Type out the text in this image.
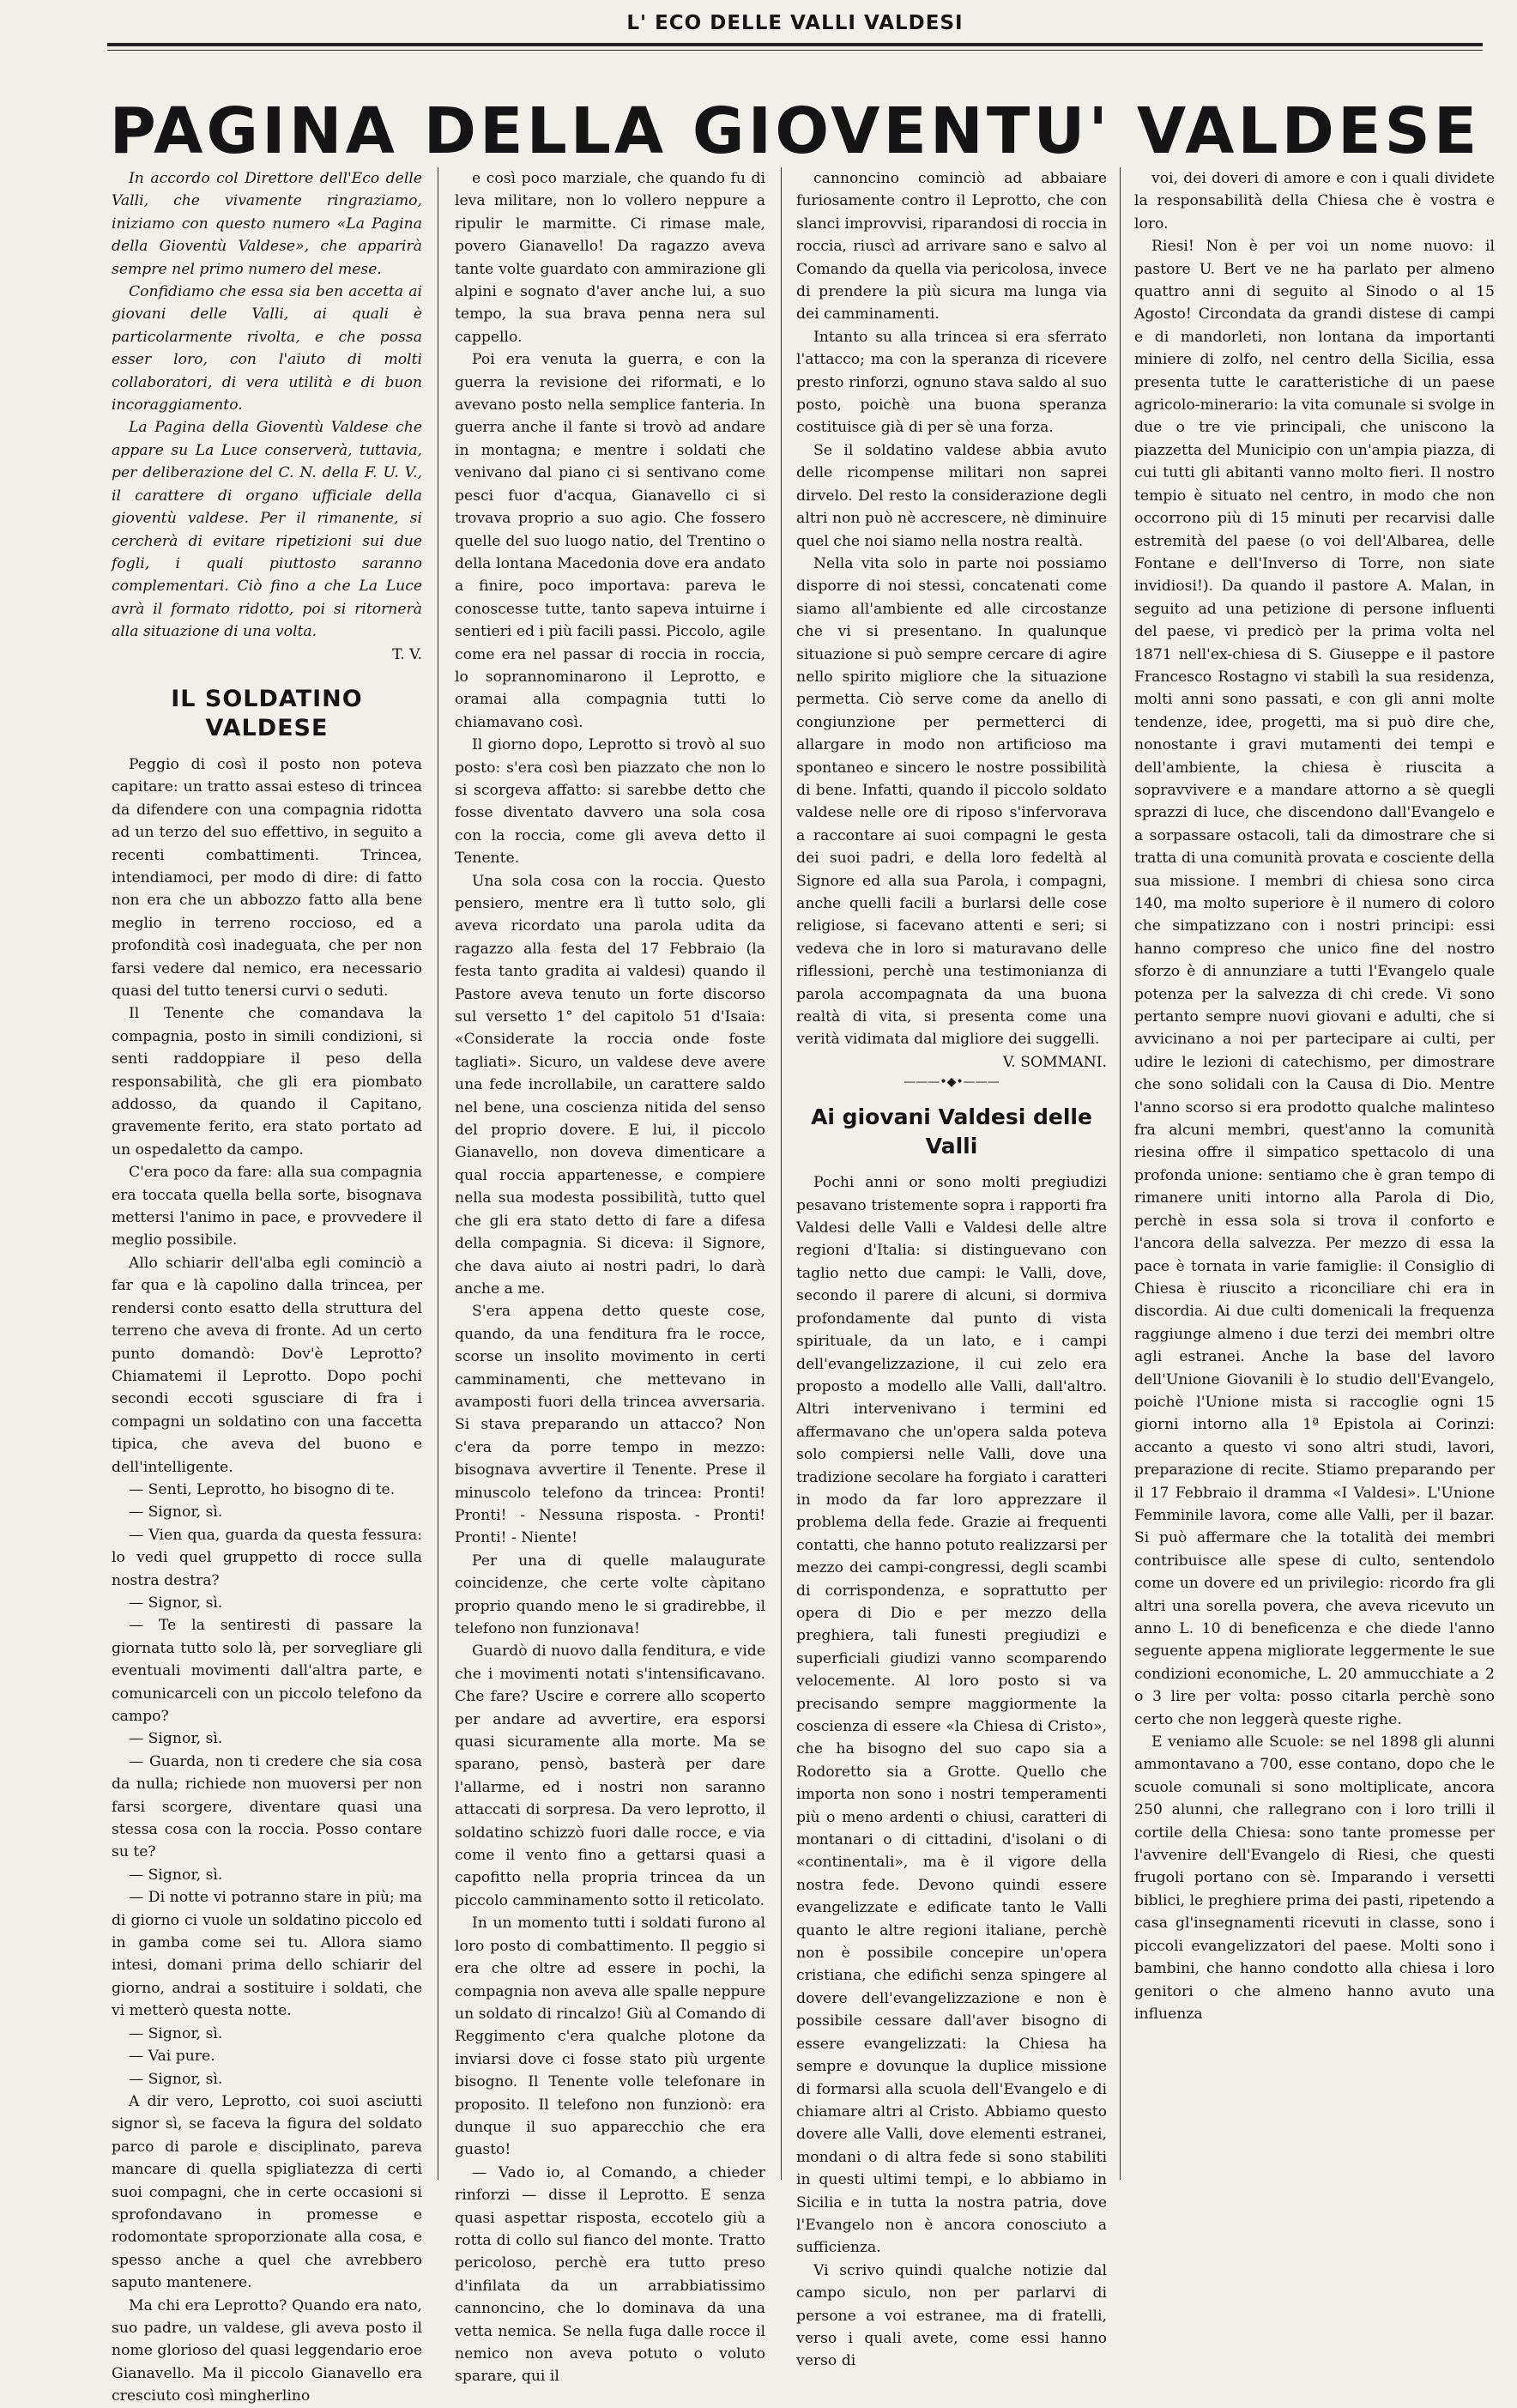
L' ECO DELLE VALLI VALDESI
PAGINA DELLA GIOVENTU' VALDESE

In accordo col Direttore dell'Eco delle Valli, che vivamente ringraziamo, iniziamo con questo numero «La Pagina della Gioventù Valdese», che apparirà sempre nel primo numero del mese.

Confidiamo che essa sia ben accetta ai giovani delle Valli, ai quali è particolarmente rivolta, e che possa esser loro, con l'aiuto di molti collaboratori, di vera utilità e di buon incoraggiamento.

La Pagina della Gioventù Valdese che appare su La Luce conserverà, tuttavia, per deliberazione del C. N. della F. U. V., il carattere di organo ufficiale della gioventù valdese. Per il rimanente, si cercherà di evitare ripetizioni sui due fogli, i quali piuttosto saranno complementari. Ciò fino a che La Luce avrà il formato ridotto, poi si ritornerà alla situazione di una volta.

T. V.

IL SOLDATINO VALDESE

Peggio di così il posto non poteva capitare: un tratto assai esteso di trincea da difendere con una compagnia ridotta ad un terzo del suo effettivo, in seguito a recenti combattimenti. Trincea, intendiamoci, per modo di dire: di fatto non era che un abbozzo fatto alla bene meglio in terreno roccioso, ed a profondità così inadeguata, che per non farsi vedere dal nemico, era necessario quasi del tutto tenersi curvi o seduti.

Il Tenente che comandava la compagnia, posto in simili condizioni, si senti raddoppiare il peso della responsabilità, che gli era piombato addosso, da quando il Capitano, gravemente ferito, era stato portato ad un ospedaletto da campo.

C'era poco da fare: alla sua compagnia era toccata quella bella sorte, bisognava mettersi l'animo in pace, e provvedere il meglio possibile.

Allo schiarir dell'alba egli cominciò a far qua e là capolino dalla trincea, per rendersi conto esatto della struttura del terreno che aveva di fronte. Ad un certo punto domandò: Dov'è Leprotto? Chiamatemi il Leprotto. Dopo pochi secondi eccoti sgusciare di fra i compagni un soldatino con una faccetta tipica, che aveva del buono e dell'intelligente.

— Senti, Leprotto, ho bisogno di te.

— Signor, sì.

— Vien qua, guarda da questa fessura: lo vedi quel gruppetto di rocce sulla nostra destra?

— Signor, sì.

— Te la sentiresti di passare la giornata tutto solo là, per sorvegliare gli eventuali movimenti dall'altra parte, e comunicarceli con un piccolo telefono da campo?

— Signor, sì.

— Guarda, non ti credere che sia cosa da nulla; richiede non muoversi per non farsi scorgere, diventare quasi una stessa cosa con la roccia. Posso contare su te?

— Signor, sì.

— Di notte vi potranno stare in più; ma di giorno ci vuole un soldatino piccolo ed in gamba come sei tu. Allora siamo intesi, domani prima dello schiarir del giorno, andrai a sostituire i soldati, che vi metterò questa notte.

— Signor, sì.

— Vai pure.

— Signor, sì.

A dir vero, Leprotto, coi suoi asciutti signor sì, se faceva la figura del soldato parco di parole e disciplinato, pareva mancare di quella spigliatezza di certi suoi compagni, che in certe occasioni si sprofondavano in promesse e rodomontate sproporzionate alla cosa, e spesso anche a quel che avrebbero saputo mantenere.

Ma chi era Leprotto? Quando era nato, suo padre, un valdese, gli aveva posto il nome glorioso del quasi leggendario eroe Gianavello. Ma il piccolo Gianavello era cresciuto così mingherlino

e così poco marziale, che quando fu di leva militare, non lo vollero neppure a ripulir le marmitte. Ci rimase male, povero Gianavello! Da ragazzo aveva tante volte guardato con ammirazione gli alpini e sognato d'aver anche lui, a suo tempo, la sua brava penna nera sul cappello.

Poi era venuta la guerra, e con la guerra la revisione dei riformati, e lo avevano posto nella semplice fanteria. In guerra anche il fante si trovò ad andare in montagna; e mentre i soldati che venivano dal piano ci si sentivano come pesci fuor d'acqua, Gianavello ci si trovava proprio a suo agio. Che fossero quelle del suo luogo natio, del Trentino o della lontana Macedonia dove era andato a finire, poco importava: pareva le conoscesse tutte, tanto sapeva intuirne i sentieri ed i più facili passi. Piccolo, agile come era nel passar di roccia in roccia, lo soprannominarono il Leprotto, e oramai alla compagnia tutti lo chiamavano così.

Il giorno dopo, Leprotto si trovò al suo posto: s'era così ben piazzato che non lo si scorgeva affatto: si sarebbe detto che fosse diventato davvero una sola cosa con la roccia, come gli aveva detto il Tenente.

Una sola cosa con la roccia. Questo pensiero, mentre era lì tutto solo, gli aveva ricordato una parola udita da ragazzo alla festa del 17 Febbraio (la festa tanto gradita ai valdesi) quando il Pastore aveva tenuto un forte discorso sul versetto 1° del capitolo 51 d'Isaia: «Considerate la roccia onde foste tagliati». Sicuro, un valdese deve avere una fede incrollabile, un carattere saldo nel bene, una coscienza nitida del senso del proprio dovere. E lui, il piccolo Gianavello, non doveva dimenticare a qual roccia appartenesse, e compiere nella sua modesta possibilità, tutto quel che gli era stato detto di fare a difesa della compagnia. Si diceva: il Signore, che dava aiuto ai nostri padri, lo darà anche a me.

S'era appena detto queste cose, quando, da una fenditura fra le rocce, scorse un insolito movimento in certi camminamenti, che mettevano in avamposti fuori della trincea avversaria. Si stava preparando un attacco? Non c'era da porre tempo in mezzo: bisognava avvertire il Tenente. Prese il minuscolo telefono da trincea: Pronti! Pronti! - Nessuna risposta. - Pronti! Pronti! - Niente!

Per una di quelle malaugurate coincidenze, che certe volte càpitano proprio quando meno le si gradirebbe, il telefono non funzionava!

Guardò di nuovo dalla fenditura, e vide che i movimenti notati s'intensificavano. Che fare? Uscire e correre allo scoperto per andare ad avvertire, era esporsi quasi sicuramente alla morte. Ma se sparano, pensò, basterà per dare l'allarme, ed i nostri non saranno attaccati di sorpresa. Da vero leprotto, il soldatino schizzò fuori dalle rocce, e via come il vento fino a gettarsi quasi a capofitto nella propria trincea da un piccolo camminamento sotto il reticolato.

In un momento tutti i soldati furono al loro posto di combattimento. Il peggio si era che oltre ad essere in pochi, la compagnia non aveva alle spalle neppure un soldato di rincalzo! Giù al Comando di Reggimento c'era qualche plotone da inviarsi dove ci fosse stato più urgente bisogno. Il Tenente volle telefonare in proposito. Il telefono non funzionò: era dunque il suo apparecchio che era guasto!

— Vado io, al Comando, a chieder rinforzi — disse il Leprotto. E senza quasi aspettar risposta, eccotelo giù a rotta di collo sul fianco del monte. Tratto pericoloso, perchè era tutto preso d'infilata da un arrabbiatissimo cannoncino, che lo dominava da una vetta nemica. Se nella fuga dalle rocce il nemico non aveva potuto o voluto sparare, qui il

cannoncino cominciò ad abbaiare furiosamente contro il Leprotto, che con slanci improvvisi, riparandosi di roccia in roccia, riuscì ad arrivare sano e salvo al Comando da quella via pericolosa, invece di prendere la più sicura ma lunga via dei camminamenti.

Intanto su alla trincea si era sferrato l'attacco; ma con la speranza di ricevere presto rinforzi, ognuno stava saldo al suo posto, poichè una buona speranza costituisce già di per sè una forza.

Se il soldatino valdese abbia avuto delle ricompense militari non saprei dirvelo. Del resto la considerazione degli altri non può nè accrescere, nè diminuire quel che noi siamo nella nostra realtà.

Nella vita solo in parte noi possiamo disporre di noi stessi, concatenati come siamo all'ambiente ed alle circostanze che vi si presentano. In qualunque situazione si può sempre cercare di agire nello spirito migliore che la situazione permetta. Ciò serve come da anello di congiunzione per permetterci di allargare in modo non artificioso ma spontaneo e sincero le nostre possibilità di bene. Infatti, quando il piccolo soldato valdese nelle ore di riposo s'infervorava a raccontare ai suoi compagni le gesta dei suoi padri, e della loro fedeltà al Signore ed alla sua Parola, i compagni, anche quelli facili a burlarsi delle cose religiose, si facevano attenti e seri; si vedeva che in loro si maturavano delle riflessioni, perchè una testimonianza di parola accompagnata da una buona realtà di vita, si presenta come una verità vidimata dal migliore dei suggelli.

V. SOMMANI.

———•◆•———
Ai giovani Valdesi delle Valli

Pochi anni or sono molti pregiudizi pesavano tristemente sopra i rapporti fra Valdesi delle Valli e Valdesi delle altre regioni d'Italia: si distinguevano con taglio netto due campi: le Valli, dove, secondo il parere di alcuni, si dormiva profondamente dal punto di vista spirituale, da un lato, e i campi dell'evangelizzazione, il cui zelo era proposto a modello alle Valli, dall'altro. Altri intervenivano i termini ed affermavano che un'opera salda poteva solo compiersi nelle Valli, dove una tradizione secolare ha forgiato i caratteri in modo da far loro apprezzare il problema della fede. Grazie ai frequenti contatti, che hanno potuto realizzarsi per mezzo dei campi-congressi, degli scambi di corrispondenza, e soprattutto per opera di Dio e per mezzo della preghiera, tali funesti pregiudizi e superficiali giudizi vanno scomparendo velocemente. Al loro posto si va precisando sempre maggiormente la coscienza di essere «la Chiesa di Cristo», che ha bisogno del suo capo sia a Rodoretto sia a Grotte. Quello che importa non sono i nostri temperamenti più o meno ardenti o chiusi, caratteri di montanari o di cittadini, d'isolani o di «continentali», ma è il vigore della nostra fede. Devono quindi essere evangelizzate e edificate tanto le Valli quanto le altre regioni italiane, perchè non è possibile concepire un'opera cristiana, che edifichi senza spingere al dovere dell'evangelizzazione e non è possibile cessare dall'aver bisogno di essere evangelizzati: la Chiesa ha sempre e dovunque la duplice missione di formarsi alla scuola dell'Evangelo e di chiamare altri al Cristo. Abbiamo questo dovere alle Valli, dove elementi estranei, mondani o di altra fede si sono stabiliti in questi ultimi tempi, e lo abbiamo in Sicilia e in tutta la nostra patria, dove l'Evangelo non è ancora conosciuto a sufficienza.

Vi scrivo quindi qualche notizie dal campo siculo, non per parlarvi di persone a voi estranee, ma di fratelli, verso i quali avete, come essi hanno verso di

voi, dei doveri di amore e con i quali dividete la responsabilità della Chiesa che è vostra e loro.

Riesi! Non è per voi un nome nuovo: il pastore U. Bert ve ne ha parlato per almeno quattro anni di seguito al Sinodo o al 15 Agosto! Circondata da grandi distese di campi e di mandorleti, non lontana da importanti miniere di zolfo, nel centro della Sicilia, essa presenta tutte le caratteristiche di un paese agricolo-minerario: la vita comunale si svolge in due o tre vie principali, che uniscono la piazzetta del Municipio con un'ampia piazza, di cui tutti gli abitanti vanno molto fieri. Il nostro tempio è situato nel centro, in modo che non occorrono più di 15 minuti per recarvisi dalle estremità del paese (o voi dell'Albarea, delle Fontane e dell'Inverso di Torre, non siate invidiosi!). Da quando il pastore A. Malan, in seguito ad una petizione di persone influenti del paese, vi predicò per la prima volta nel 1871 nell'ex-chiesa di S. Giuseppe e il pastore Francesco Rostagno vi stabilì la sua residenza, molti anni sono passati, e con gli anni molte tendenze, idee, progetti, ma si può dire che, nonostante i gravi mutamenti dei tempi e dell'ambiente, la chiesa è riuscita a sopravvivere e a mandare attorno a sè quegli sprazzi di luce, che discendono dall'Evangelo e a sorpassare ostacoli, tali da dimostrare che si tratta di una comunità provata e cosciente della sua missione. I membri di chiesa sono circa 140, ma molto superiore è il numero di coloro che simpatizzano con i nostri principi: essi hanno compreso che unico fine del nostro sforzo è di annunziare a tutti l'Evangelo quale potenza per la salvezza di chi crede. Vi sono pertanto sempre nuovi giovani e adulti, che si avvicinano a noi per partecipare ai culti, per udire le lezioni di catechismo, per dimostrare che sono solidali con la Causa di Dio. Mentre l'anno scorso si era prodotto qualche malinteso fra alcuni membri, quest'anno la comunità riesina offre il simpatico spettacolo di una profonda unione: sentiamo che è gran tempo di rimanere uniti intorno alla Parola di Dio, perchè in essa sola si trova il conforto e l'ancora della salvezza. Per mezzo di essa la pace è tornata in varie famiglie: il Consiglio di Chiesa è riuscito a riconciliare chi era in discordia. Ai due culti domenicali la frequenza raggiunge almeno i due terzi dei membri oltre agli estranei. Anche la base del lavoro dell'Unione Giovanili è lo studio dell'Evangelo, poichè l'Unione mista si raccoglie ogni 15 giorni intorno alla 1ª Epistola ai Corinzi: accanto a questo vi sono altri studi, lavori, preparazione di recite. Stiamo preparando per il 17 Febbraio il dramma «I Valdesi». L'Unione Femminile lavora, come alle Valli, per il bazar. Si può affermare che la totalità dei membri contribuisce alle spese di culto, sentendolo come un dovere ed un privilegio: ricordo fra gli altri una sorella povera, che aveva ricevuto un anno L. 10 di beneficenza e che diede l'anno seguente appena migliorate leggermente le sue condizioni economiche, L. 20 ammucchiate a 2 o 3 lire per volta: posso citarla perchè sono certo che non leggerà queste righe.

E veniamo alle Scuole: se nel 1898 gli alunni ammontavano a 700, esse contano, dopo che le scuole comunali si sono moltiplicate, ancora 250 alunni, che rallegrano con i loro trilli il cortile della Chiesa: sono tante promesse per l'avvenire dell'Evangelo di Riesi, che questi frugoli portano con sè. Imparando i versetti biblici, le preghiere prima dei pasti, ripetendo a casa gl'insegnamenti ricevuti in classe, sono i piccoli evangelizzatori del paese. Molti sono i bambini, che hanno condotto alla chiesa i loro genitori o che almeno hanno avuto una influenza
